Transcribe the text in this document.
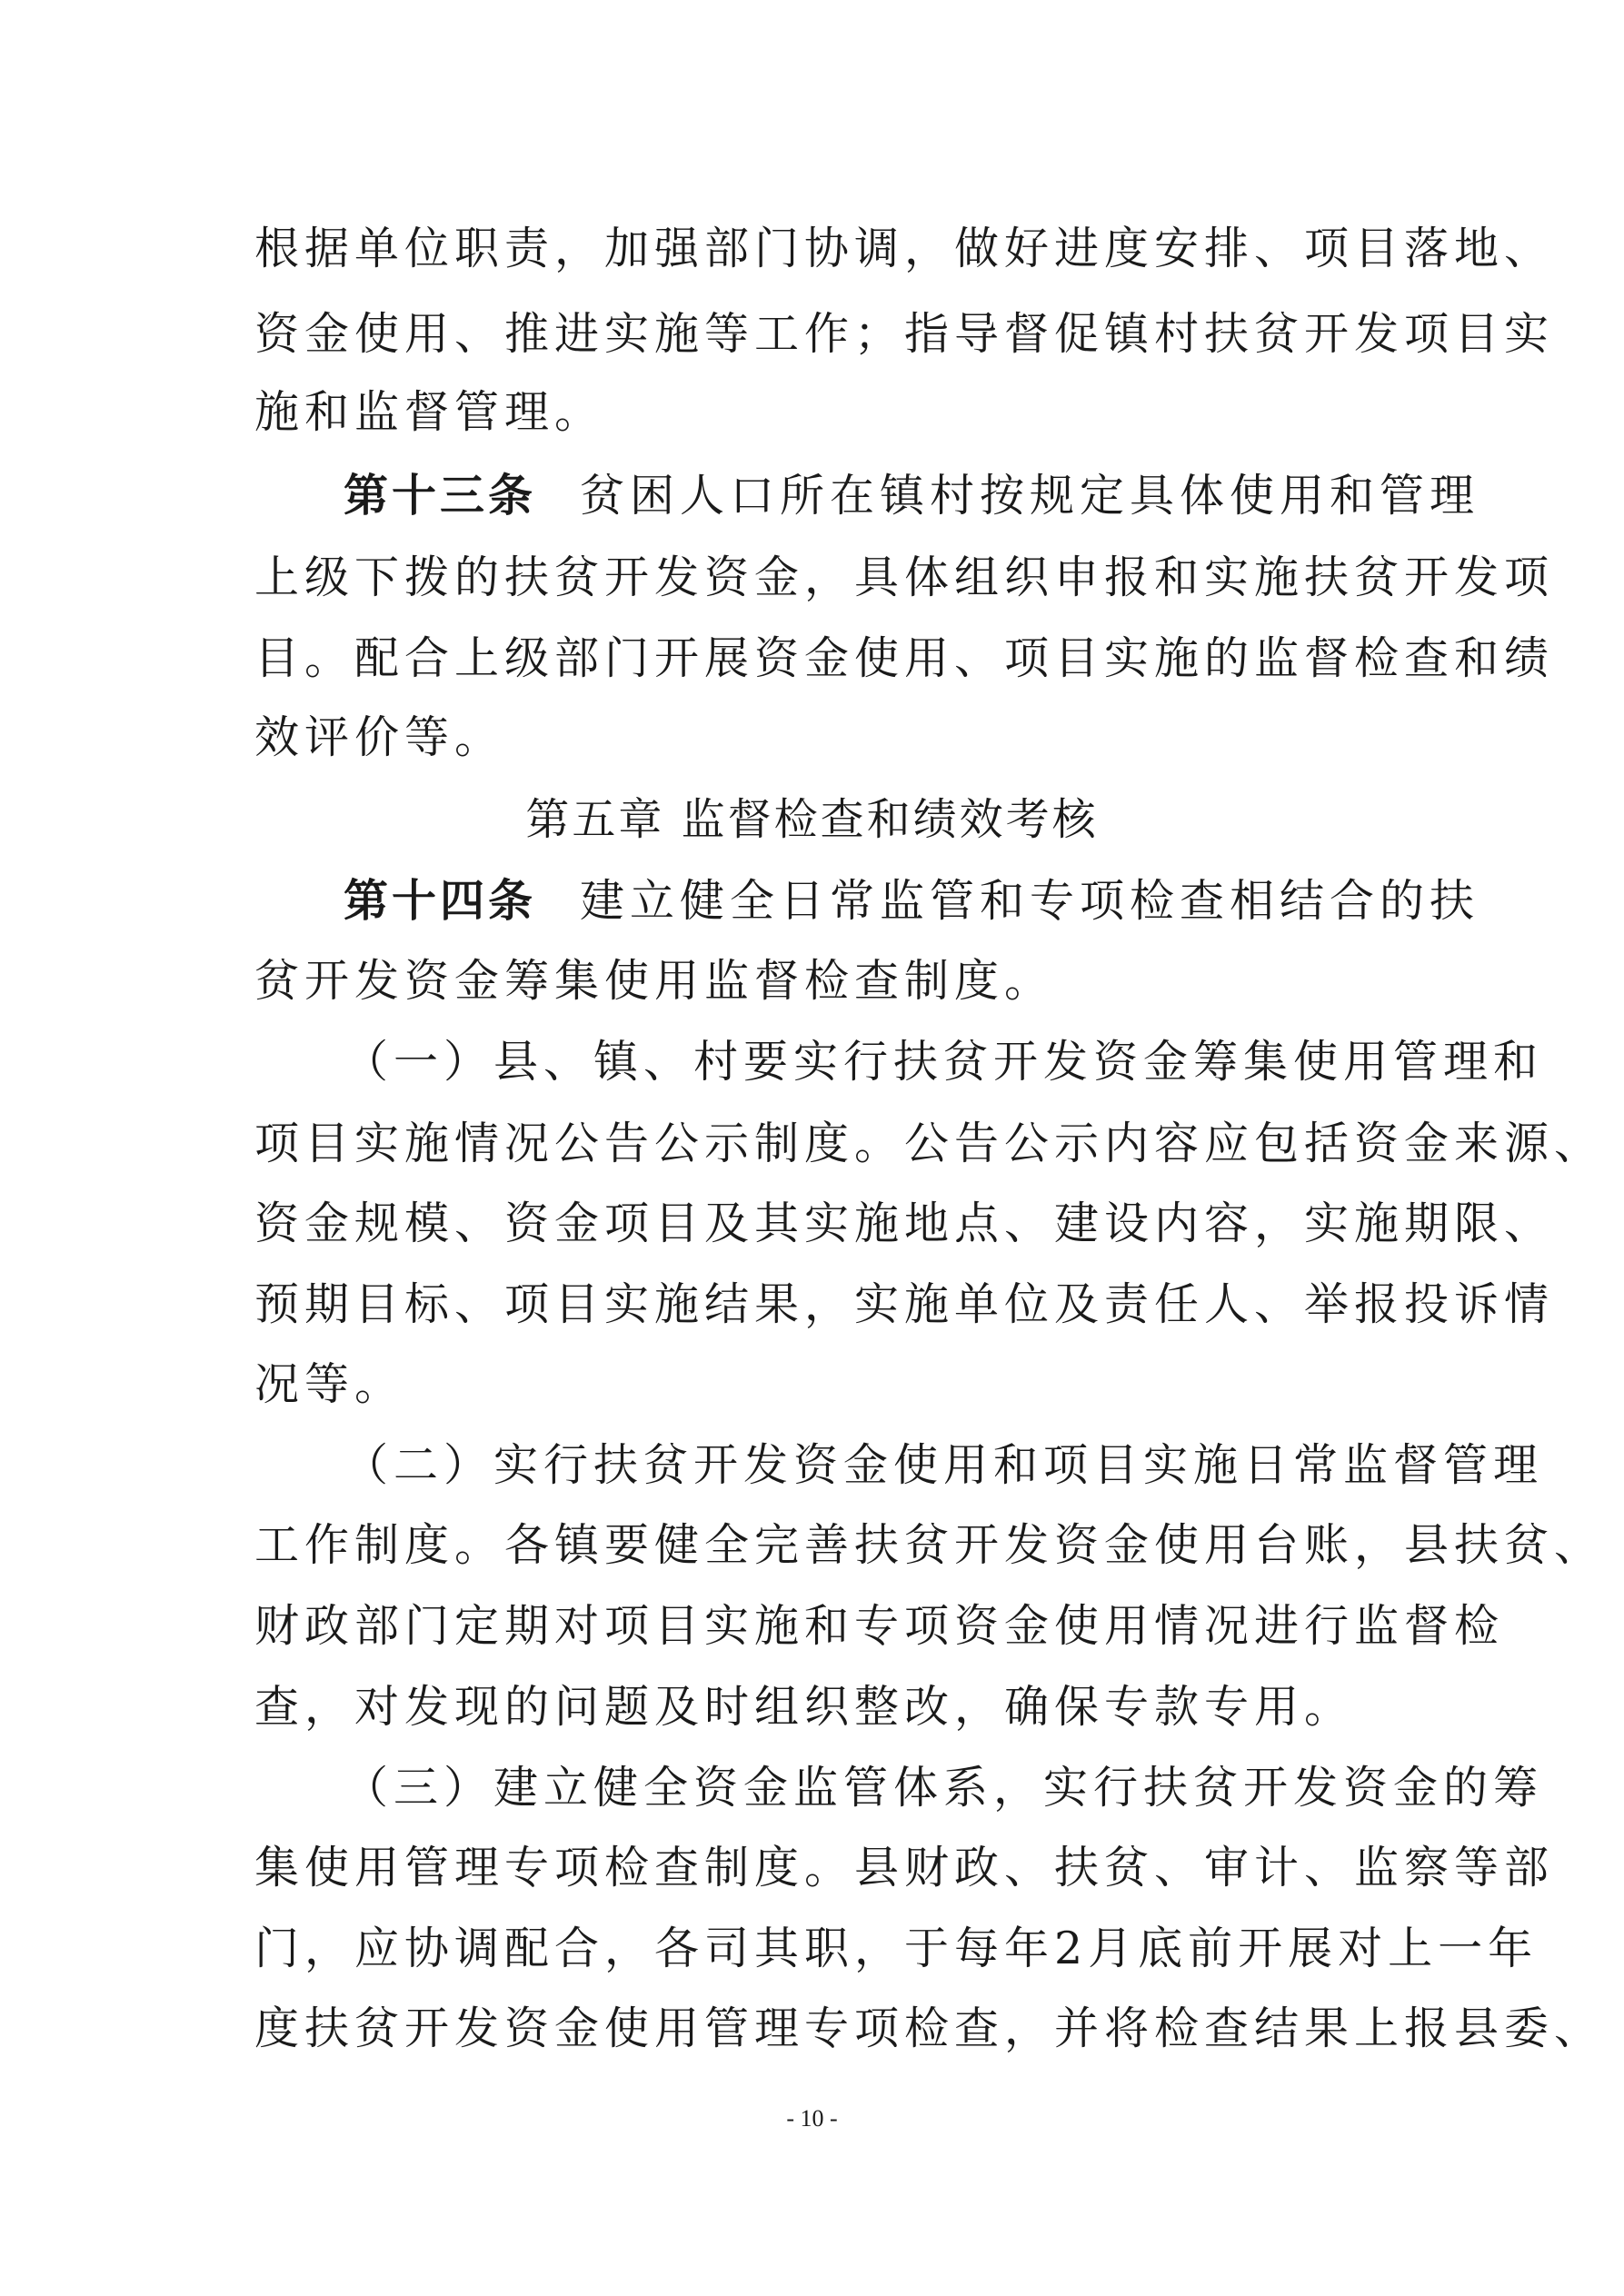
根据单位职责，加强部门协调，做好进度安排、项目落地、
资金使用、推进实施等工作；指导督促镇村扶贫开发项目实
施和监督管理。
第十三条 贫困人口所在镇村按规定具体使用和管理
上级下拨的扶贫开发资金，具体组织申报和实施扶贫开发项
目。配合上级部门开展资金使用、项目实施的监督检查和绩
效评价等。
第五章 监督检查和绩效考核
第十四条 建立健全日常监管和专项检查相结合的扶
贫开发资金筹集使用监督检查制度。
（一）县、镇、村要实行扶贫开发资金筹集使用管理和
项目实施情况公告公示制度。公告公示内容应包括资金来源、
资金规模、资金项目及其实施地点、建设内容，实施期限、
预期目标、项目实施结果，实施单位及责任人、举报投诉情
况等。
（二）实行扶贫开发资金使用和项目实施日常监督管理
工作制度。各镇要健全完善扶贫开发资金使用台账，县扶贫、
财政部门定期对项目实施和专项资金使用情况进行监督检
查，对发现的问题及时组织整改，确保专款专用。
（三）建立健全资金监管体系，实行扶贫开发资金的筹
集使用管理专项检查制度。县财政、扶贫、审计、监察等部
门，应协调配合，各司其职，于每年2月底前开展对上一年
度扶贫开发资金使用管理专项检查，并将检查结果上报县委、
- 10 -
